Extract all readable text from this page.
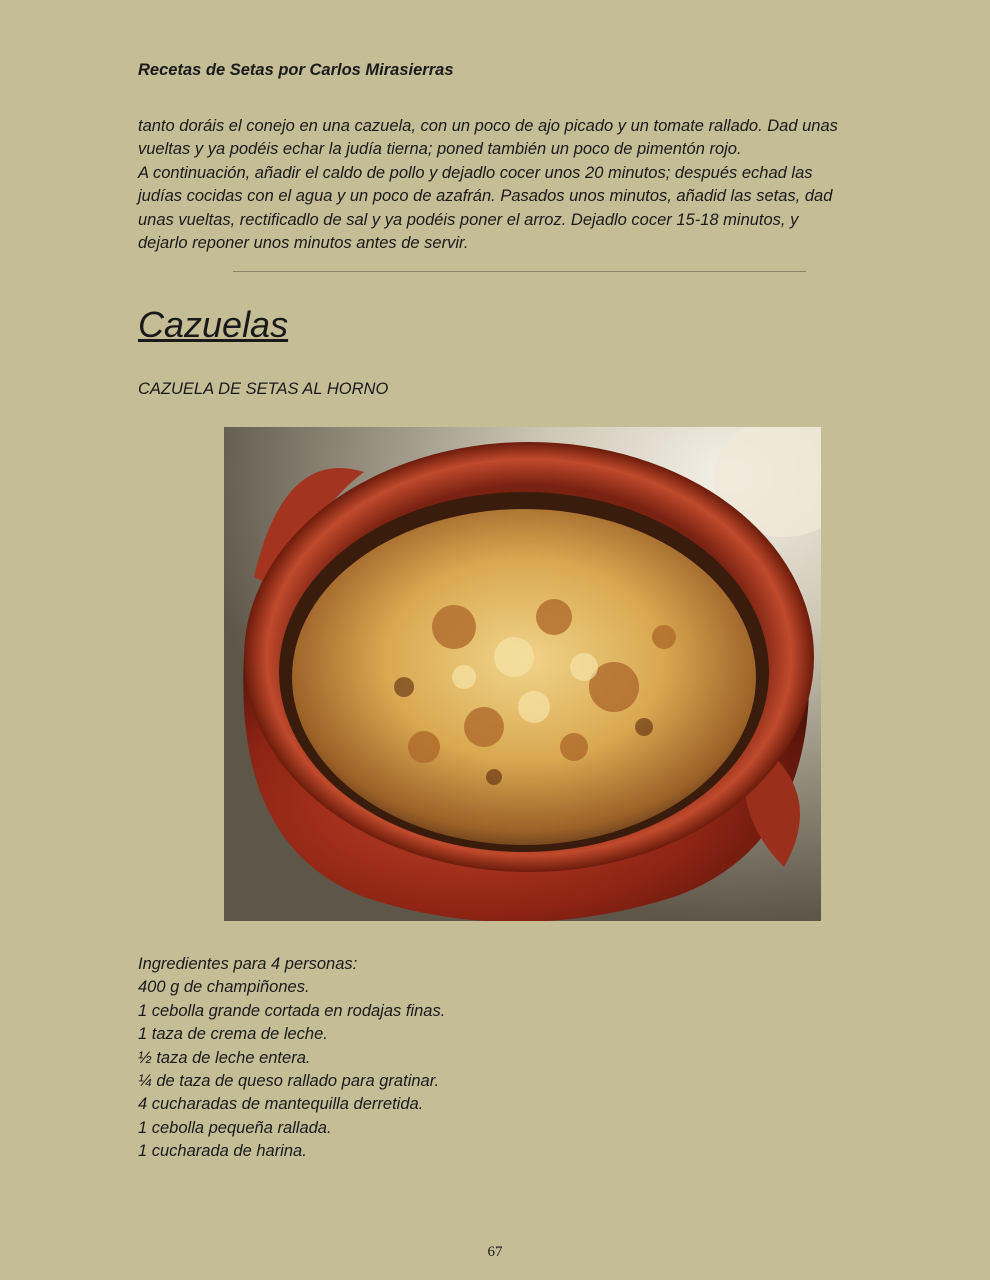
Recetas de Setas por Carlos Mirasierras

tanto doráis el conejo en una cazuela, con un poco de ajo picado y un tomate rallado. Dad unas

vueltas y ya podéis echar la judía tierna; poned también un poco de pimentón rojo.

A continuación, añadir el caldo de pollo y dejadlo cocer unos 20 minutos; después echad las

judías cocidas con el agua y un poco de azafrán. Pasados unos minutos, añadid las setas, dad

unas vueltas, rectificadlo de sal y ya podéis poner el arroz. Dejadlo cocer 15-18 minutos, y

dejarlo reponer unos minutos antes de servir.

Cazuelas
CAZUELA DE SETAS AL HORNO
Ingredientes para 4 personas:
400 g de champiñones.
1 cebolla grande cortada en rodajas finas.
1 taza de crema de leche.
½ taza de leche entera.
¼ de taza de queso rallado para gratinar.
4 cucharadas de mantequilla derretida.
1 cebolla pequeña rallada.
1 cucharada de harina.
67
